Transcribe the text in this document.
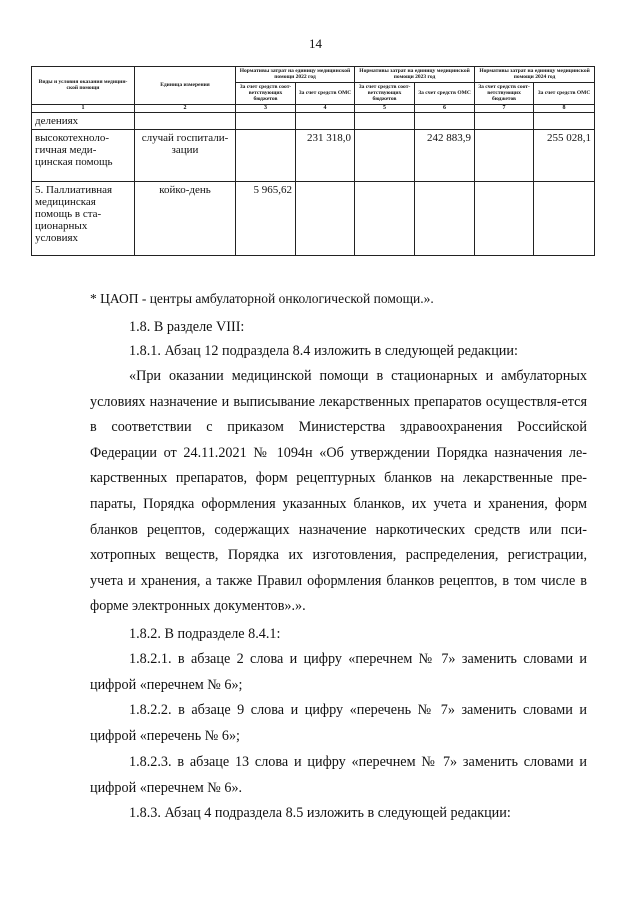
14
Виды и условия оказания медицин-ской помощи	Единица измерения	Нормативы затрат на единицу медицинской помощи 2022 год		Нормативы затрат на единицу медицинской помощи 2023 год		Нормативы затрат на единицу медицинской помощи 2024 год	
		За счет средств соот-ветствующих бюджетов	За счет средств ОМС	За счет средств соот-ветствующих бюджетов	За счет средств ОМС	За счет средств соот-ветствующих бюджетов	За счет средств ОМС
1	2	3	4	5	6	7	8
делениях							
высокотехноло-гичная меди-цинская помощь	случай госпитали-зации		231 318,0		242 883,9		255 028,1
5. Паллиативная медицинская помощь в ста-ционарных условиях	койко-день	5 965,62					
* ЦАОП - центры амбулаторной онкологической помощи.».
1.8. В разделе VIII:
1.8.1. Абзац 12 подраздела 8.4 изложить в следующей редакции:
«При оказании медицинской помощи в стационарных и амбулаторных условиях назначение и выписывание лекарственных препаратов осуществля-ется в соответствии с приказом Министерства здравоохранения Российской Федерации от 24.11.2021 № 1094н «Об утверждении Порядка назначения ле-карственных препаратов, форм рецептурных бланков на лекарственные пре-параты, Порядка оформления указанных бланков, их учета и хранения, форм бланков рецептов, содержащих назначение наркотических средств или пси-хотропных веществ, Порядка их изготовления, распределения, регистрации, учета и хранения, а также Правил оформления бланков рецептов, в том числе в форме электронных документов».».
1.8.2. В подразделе 8.4.1:
1.8.2.1. в абзаце 2 слова и цифру «перечнем № 7» заменить словами и цифрой «перечнем № 6»;
1.8.2.2. в абзаце 9 слова и цифру «перечень № 7» заменить словами и цифрой «перечень № 6»;
1.8.2.3. в абзаце 13 слова и цифру «перечнем № 7» заменить словами и цифрой «перечнем № 6».
1.8.3. Абзац 4 подраздела 8.5 изложить в следующей редакции:
